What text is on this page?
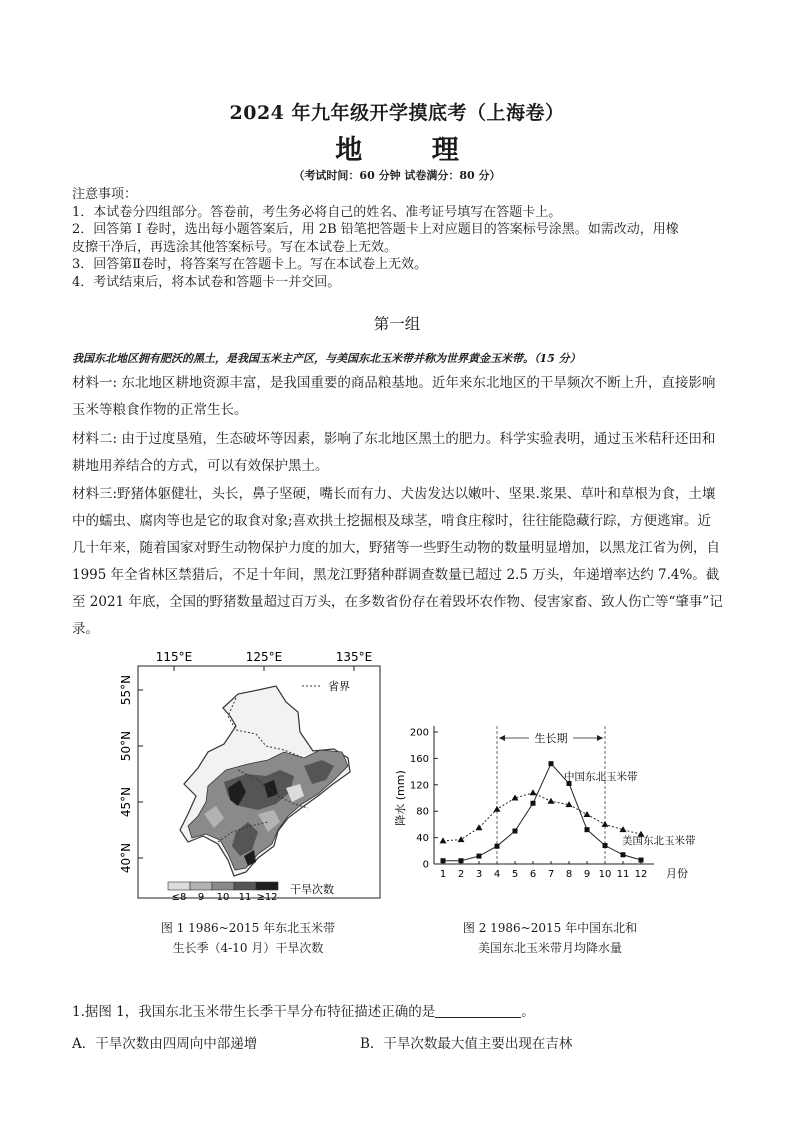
2024 年九年级开学摸底考（上海卷）
地 理
（考试时间：60 分钟 试卷满分：80 分）
注意事项：
1．本试卷分四组部分。答卷前，考生务必将自己的姓名、准考证号填写在答题卡上。
2．回答第 I 卷时，选出每小题答案后，用 2B 铅笔把答题卡上对应题目的答案标号涂黑。如需改动，用橡
皮擦干净后，再选涂其他答案标号。写在本试卷上无效。
3．回答第Ⅱ卷时，将答案写在答题卡上。写在本试卷上无效。
4．考试结束后，将本试卷和答题卡一并交回。
第一组
我国东北地区拥有肥沃的黑土，是我国玉米主产区，与美国东北玉米带并称为世界黄金玉米带。（15 分）
材料一: 东北地区耕地资源丰富，是我国重要的商品粮基地。近年来东北地区的干旱频次不断上升，直接影响玉米等粮食作物的正常生长。
材料二: 由于过度垦殖，生态破坏等因素，影响了东北地区黑土的肥力。科学实验表明，通过玉米秸秆还田和耕地用养结合的方式，可以有效保护黑土。
材料三:野猪体躯健壮，头长，鼻子坚硬，嘴长而有力、犬齿发达以嫩叶、坚果.浆果、草叶和草根为食，土壤中的蠕虫、腐肉等也是它的取食对象;喜欢拱土挖掘根及球茎，啃食庄稼时，往往能隐藏行踪，方便逃窜。近几十年来，随着国家对野生动物保护力度的加大，野猪等一些野生动物的数量明显增加，以黑龙江省为例，自 1995 年全省林区禁猎后，不足十年间，黑龙江野猪种群调查数量已超过 2.5 万头，年递增率达约 7.4%。截至 2021 年底，全国的野猪数量超过百万头，在多数省份存在着毁坏农作物、侵害家畜、致人伤亡等“肇事”记录。
115°E	125°E	135°E
55°N
50°N
45°N
40°N
省界
≤8 9 10 11 ≥12
干旱次数
图 1 1986~2015 年东北玉米带
生长季（4-10 月）干旱次数
0
40
80
120
160
200
1 2 3 4 5 6 7 8 9 10 11 12 月份
降水 (mm)
生长期
中国东北玉米带
美国东北玉米带
图 2 1986~2015 年中国东北和
美国东北玉米带月均降水量
1.据图 1，我国东北玉米带生长季干旱分布特征描述正确的是	。
A．干旱次数由四周向中部递增	B．干旱次数最大值主要出现在吉林
